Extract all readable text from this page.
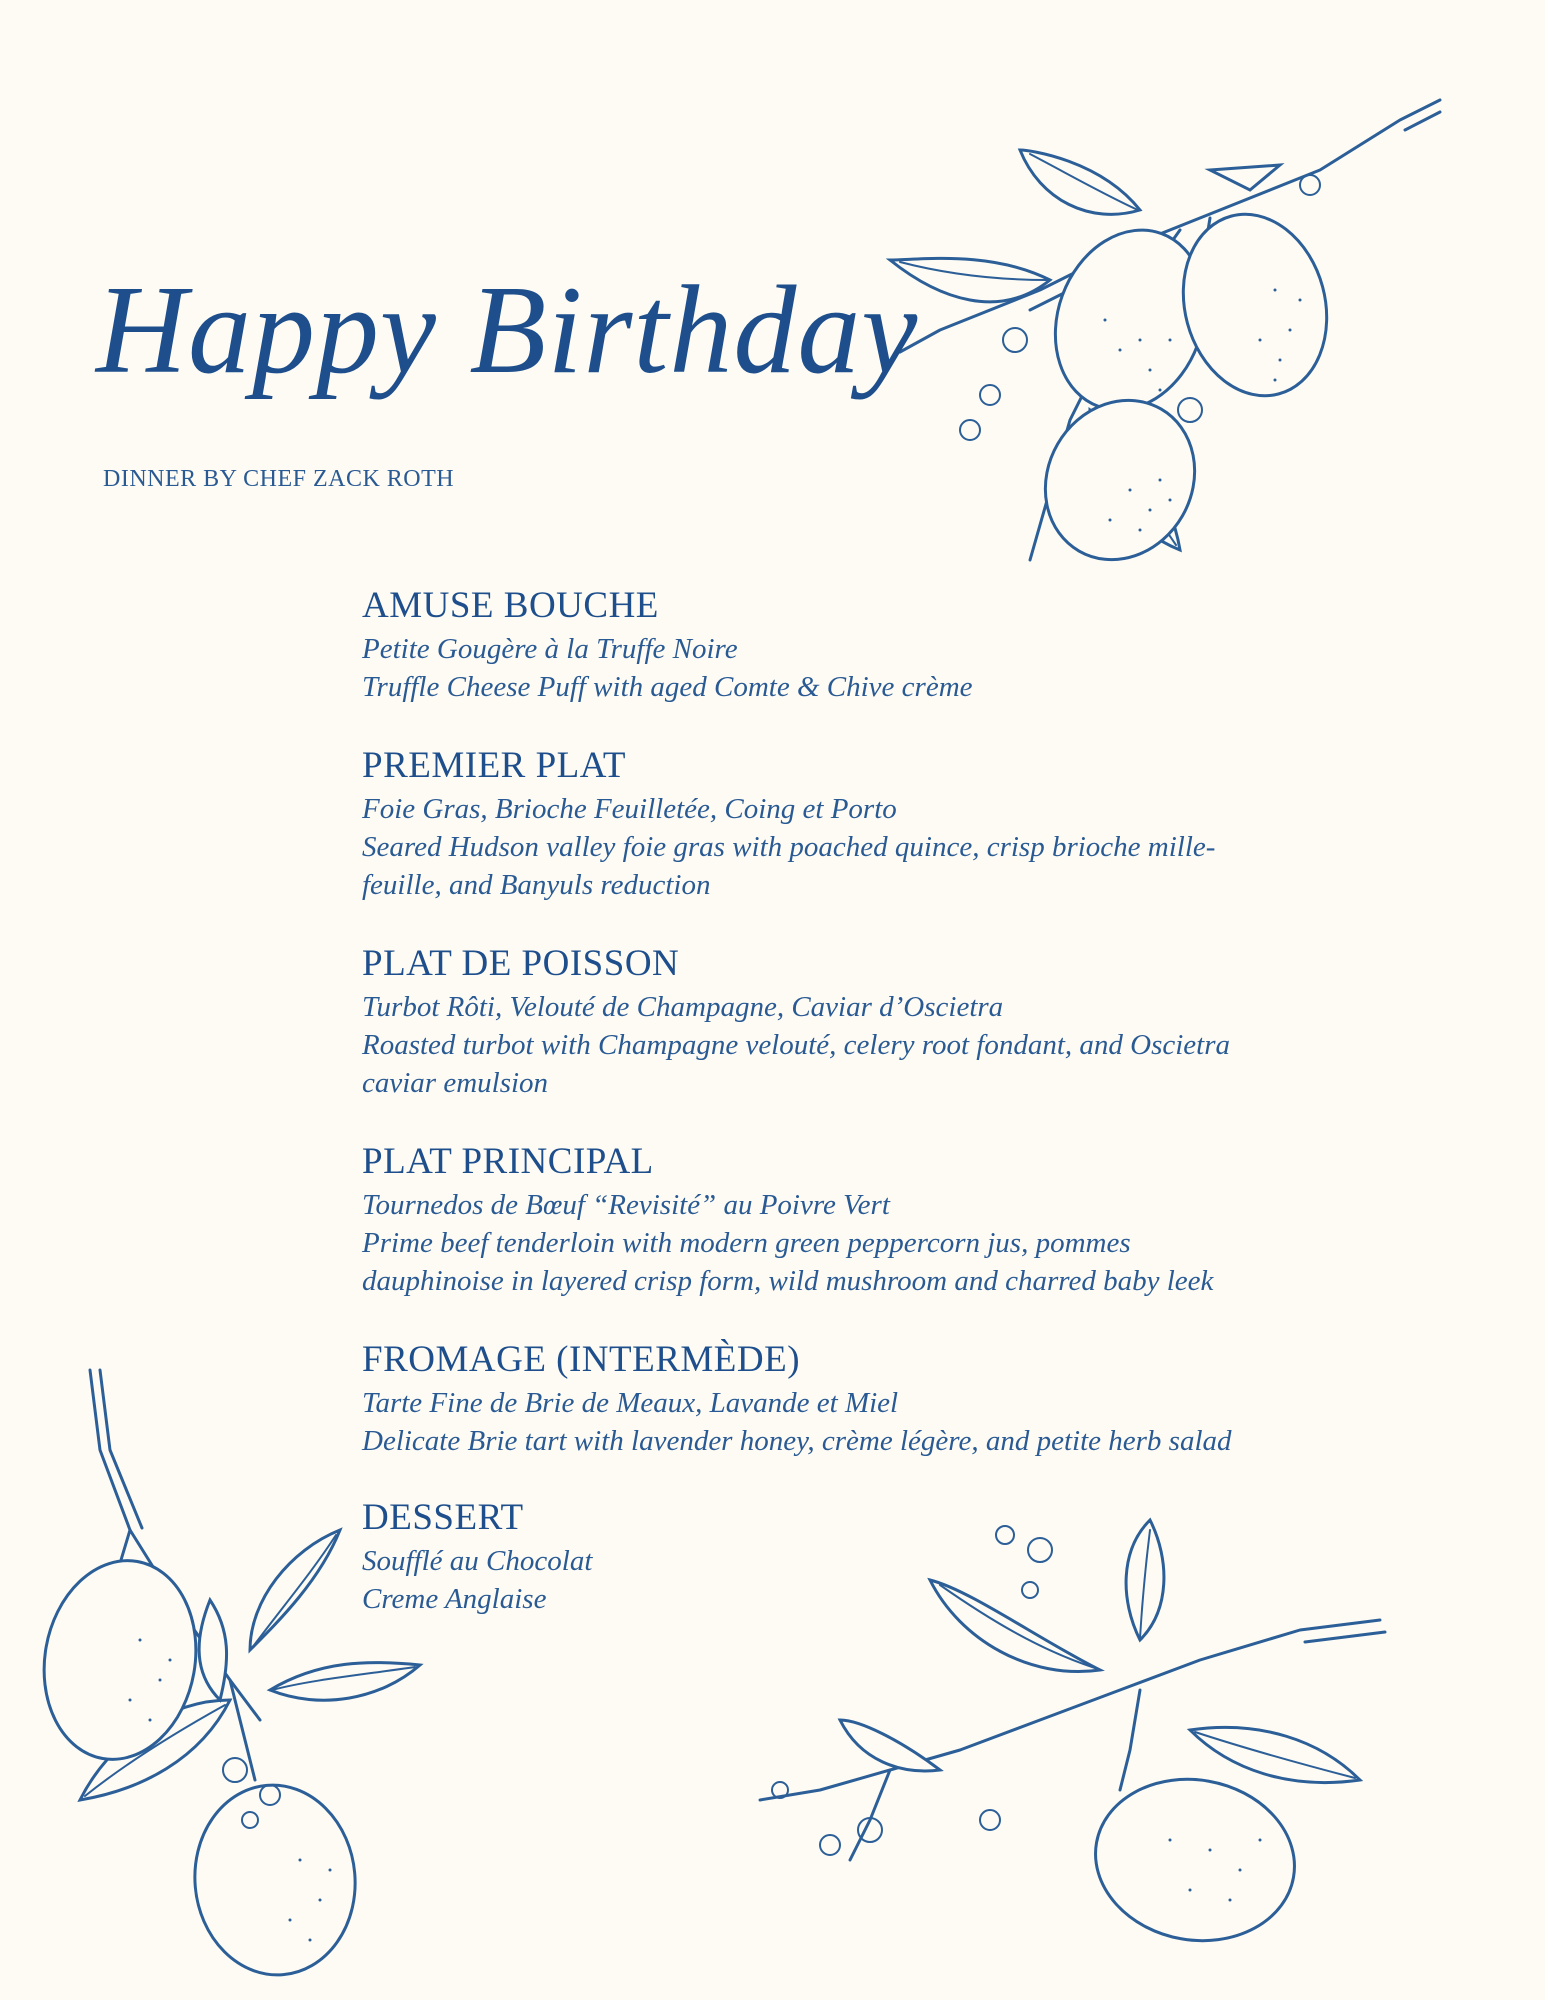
Happy Birthday

DINNER BY CHEF ZACK ROTH

AMUSE BOUCHE
Petite Gougère à la Truffe Noire
Truffle Cheese Puff with aged Comte & Chive crème
PREMIER PLAT
Foie Gras, Brioche Feuilletée, Coing et Porto
Seared Hudson valley foie gras with poached quince, crisp brioche mille-
feuille, and Banyuls reduction
PLAT DE POISSON
Turbot Rôti, Velouté de Champagne, Caviar d’Oscietra
Roasted turbot with Champagne velouté, celery root fondant, and Oscietra
caviar emulsion
PLAT PRINCIPAL
Tournedos de Bœuf “Revisité” au Poivre Vert
Prime beef tenderloin with modern green peppercorn jus, pommes
dauphinoise in layered crisp form, wild mushroom and charred baby leek
FROMAGE (INTERMÈDE)
Tarte Fine de Brie de Meaux, Lavande et Miel
Delicate Brie tart with lavender honey, crème légère, and petite herb salad
DESSERT
Soufflé au Chocolat
Creme Anglaise
